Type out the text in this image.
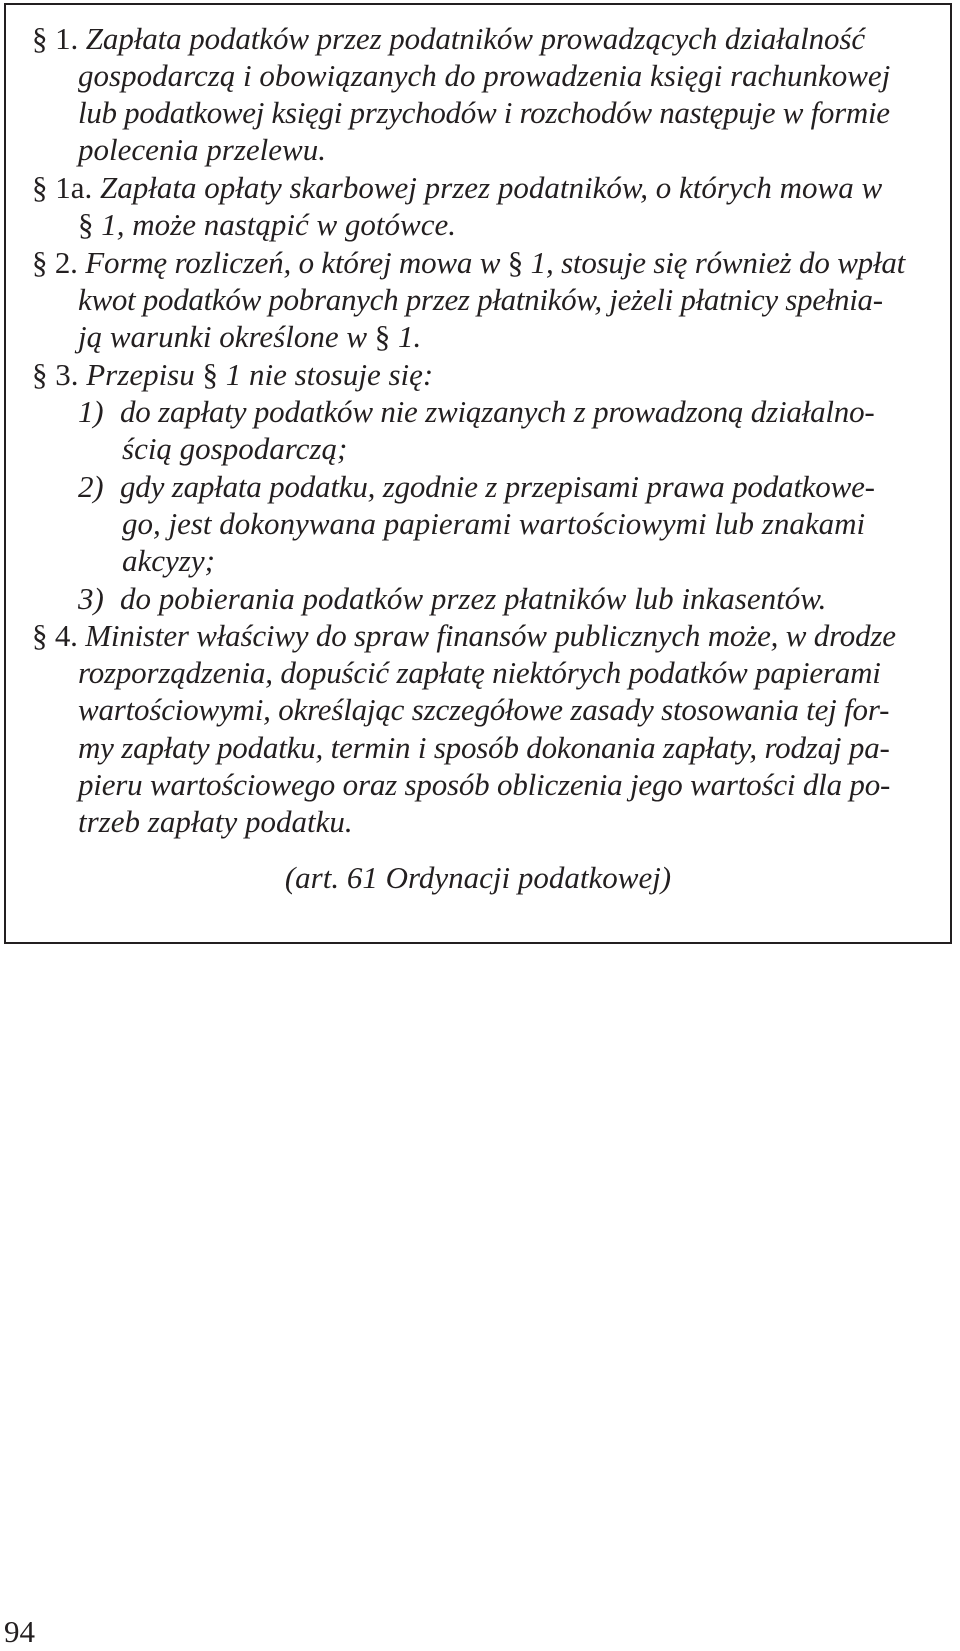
§ 1. Zapłata podatków przez podatników prowadzących działalność
gospodarczą i obowiązanych do prowadzenia księgi rachunkowej
lub podatkowej księgi przychodów i rozchodów następuje w formie
polecenia przelewu.
§ 1a. Zapłata opłaty skarbowej przez podatników, o których mowa w
§ 1, może nastąpić w gotówce.
§ 2. Formę rozliczeń, o której mowa w § 1, stosuje się również do wpłat
kwot podatków pobranych przez płatników, jeżeli płatnicy spełnia-
ją warunki określone w § 1.
§ 3. Przepisu § 1 nie stosuje się:
1) do zapłaty podatków nie związanych z prowadzoną działalno-
ścią gospodarczą;
2) gdy zapłata podatku, zgodnie z przepisami prawa podatkowe-
go, jest dokonywana papierami wartościowymi lub znakami
akcyzy;
3) do pobierania podatków przez płatników lub inkasentów.
§ 4. Minister właściwy do spraw finansów publicznych może, w drodze
rozporządzenia, dopuścić zapłatę niektórych podatków papierami
wartościowymi, określając szczegółowe zasady stosowania tej for-
my zapłaty podatku, termin i sposób dokonania zapłaty, rodzaj pa-
pieru wartościowego oraz sposób obliczenia jego wartości dla po-
trzeb zapłaty podatku.
(art. 61 Ordynacji podatkowej)
94
